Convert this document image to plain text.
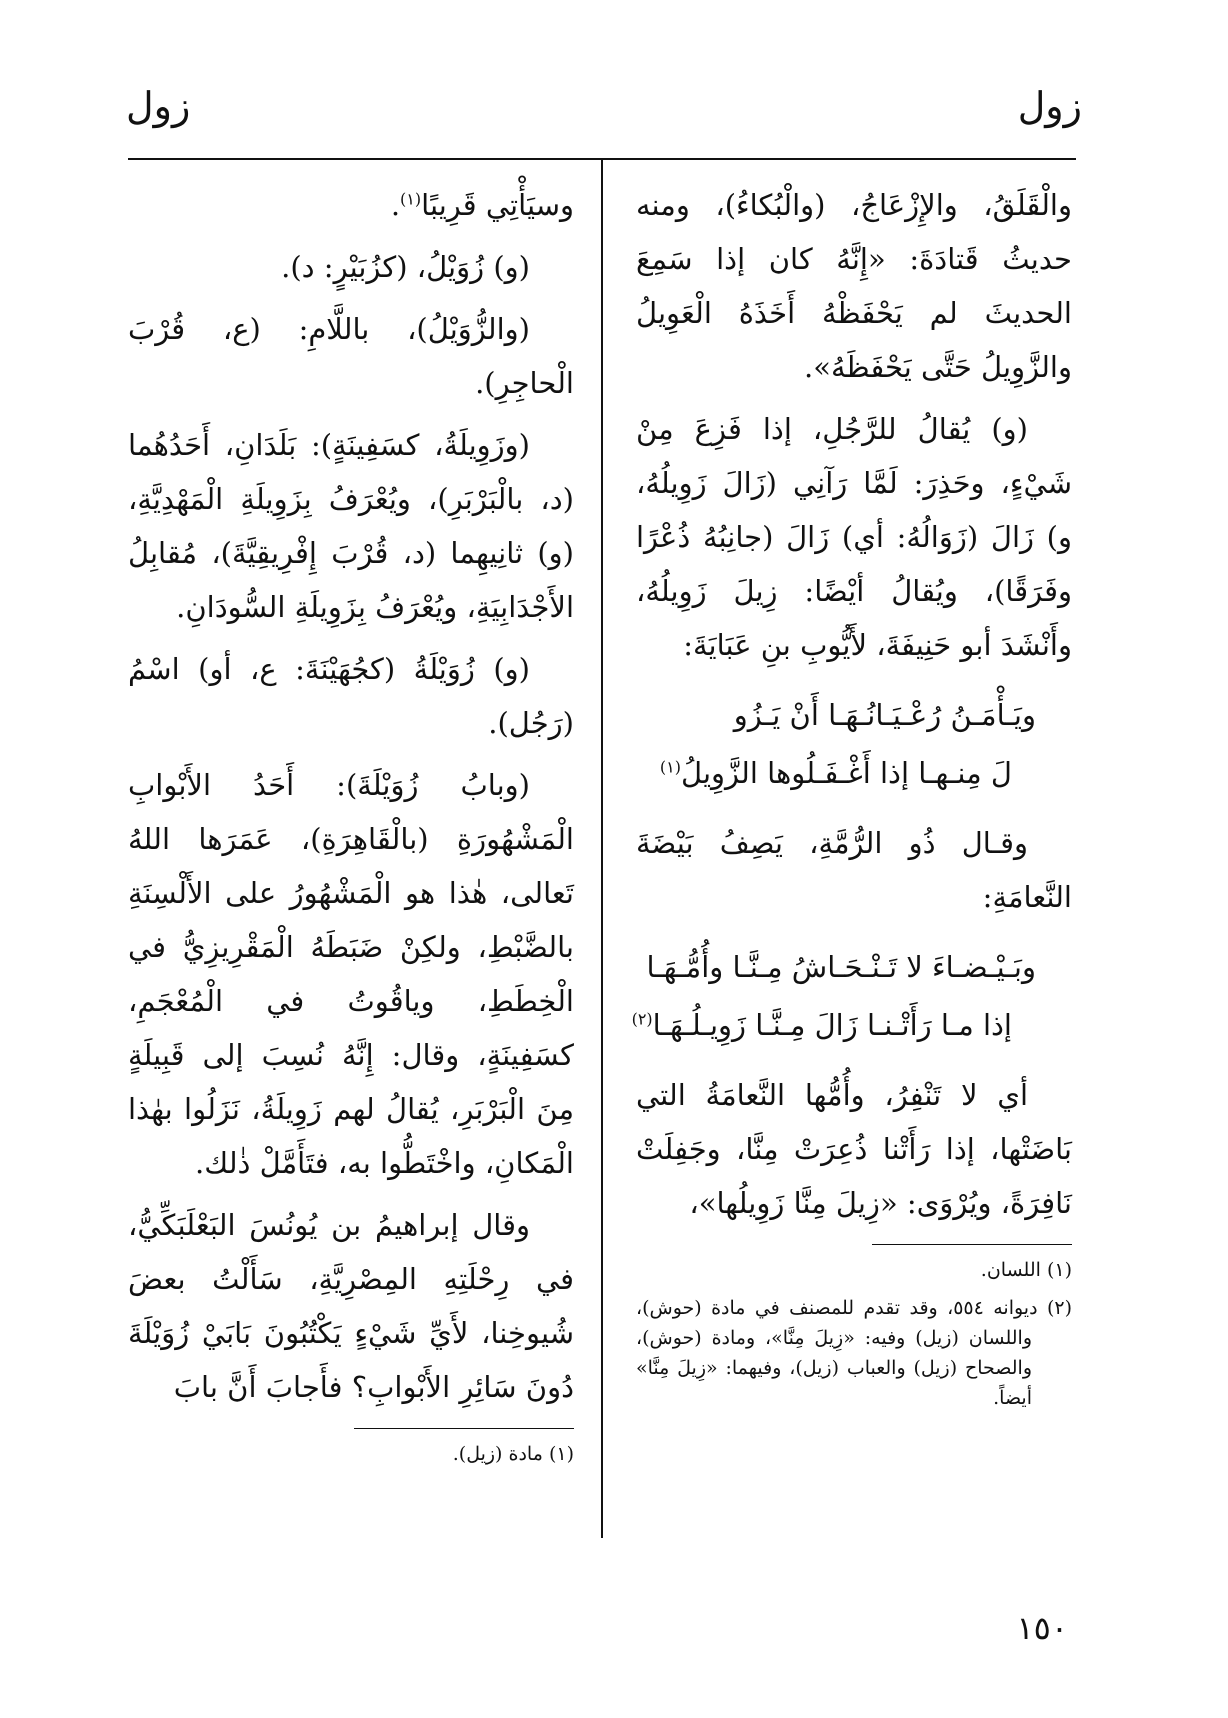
زول
زول

والْقَلَقُ، والإِزْعَاجُ، (والْبُكاءُ)، ومنه حديثُ قَتادَةَ: «إِنَّهُ كان إذا سَمِعَ الحديثَ لم يَحْفَظْهُ أَخَذَهُ الْعَوِيلُ والزَّوِيلُ حَتَّى يَحْفَظَهُ».

(و) يُقالُ للرَّجُلِ، إذا فَزِعَ مِنْ شَيْءٍ، وحَذِرَ: لَمَّا رَآنِي (زَالَ زَوِيلُهُ، و) زَالَ (زَوَالُهُ: أي) زَالَ (جانِبُهُ ذُعْرًا وفَرَقًا)، ويُقالُ أيْضًا: زِيلَ زَوِيلُهُ، وأَنْشَدَ أبو حَنِيفَةَ، لأَيُّوبِ بنِ عَبَايَةَ:

ويَـأْمَـنُ رُعْـيَـانُـهَـا أَنْ يَـزُو
لَ مِنـهـا إذا أَغْـفَـلُوها الزَّوِيلُ$^{(١)}$

وقـال ذُو الرُّمَّةِ، يَصِفُ بَيْضَةَ النَّعامَةِ:

وبَـيْـضـاءَ لا تَـنْـحَـاشُ مِـنَّـا وأُمُّـهَـا
إذا مـا رَأَتْـنـا زَالَ مِـنَّـا زَوِيـلُـهَـا$^{(٢)}$

أي لا تَنْفِرُ، وأُمُّها النَّعامَةُ التي بَاضَتْها، إذا رَأَتْنا ذُعِرَتْ مِنَّا، وجَفِلَتْ نَافِرَةً، ويُرْوَى: «زِيلَ مِنَّا زَوِيلُها»،

(١) اللسان.

(٢) ديوانه ٥٥٤، وقد تقدم للمصنف في مادة (حوش)، واللسان (زيل) وفيه: «زِيلَ مِنَّا»، ومادة (حوش)، والصحاح (زيل) والعباب (زيل)، وفيهما: «زِيلَ مِنَّا» أيضاً.

وسيَأْتِي قَرِيبًا$^{(١)}$.

(و) زُوَيْلُ، (كزُبَيْرٍ: د).

(والزُّوَيْلُ)، باللَّامِ: (ع، قُرْبَ الْحاجِرِ).

(وزَوِيلَةُ، كسَفِينَةٍ): بَلَدَانِ، أَحَدُهُما (د، بالْبَرْبَرِ)، ويُعْرَفُ بِزَوِيلَةِ الْمَهْدِيَّةِ، (و) ثانِيهِما (د، قُرْبَ إِفْرِيقِيَّةَ)، مُقابِلُ الأَجْدَابِيَةِ، ويُعْرَفُ بِزَوِيلَةِ السُّودَانِ.

(و) زُوَيْلَةُ (كجُهَيْنَةَ: ع، أو) اسْمُ (رَجُل).

(وبابُ زُوَيْلَةَ): أَحَدُ الأَبْوابِ الْمَشْهُورَةِ (بالْقَاهِرَةِ)، عَمَرَها اللهُ تَعالى، هٰذا هو الْمَشْهُورُ على الأَلْسِنَةِ بالضَّبْطِ، ولكِنْ ضَبَطَهُ الْمَقْرِيزِيُّ في الْخِطَطِ، وياقُوتُ في الْمُعْجَمِ، كسَفِينَةٍ، وقال: إِنَّهُ نُسِبَ إلى قَبِيلَةٍ مِنَ الْبَرْبَرِ، يُقالُ لهم زَوِيلَةُ، نَزَلُوا بهٰذا الْمَكانِ، واخْتَطُّوا به، فتَأَمَّلْ ذٰلك.

وقال إبراهيمُ بن يُونُسَ البَعْلَبَكِّيُّ، في رِحْلَتِهِ المِصْرِيَّةِ، سَأَلْتُ بعضَ شُيوخِنا، لأَيِّ شَيْءٍ يَكْتُبُونَ بَابَيْ زُوَيْلَةَ دُونَ سَائِرِ الأَبْوابِ؟ فأَجابَ أَنَّ بابَ

(١) مادة (زيل).

١٥٠
